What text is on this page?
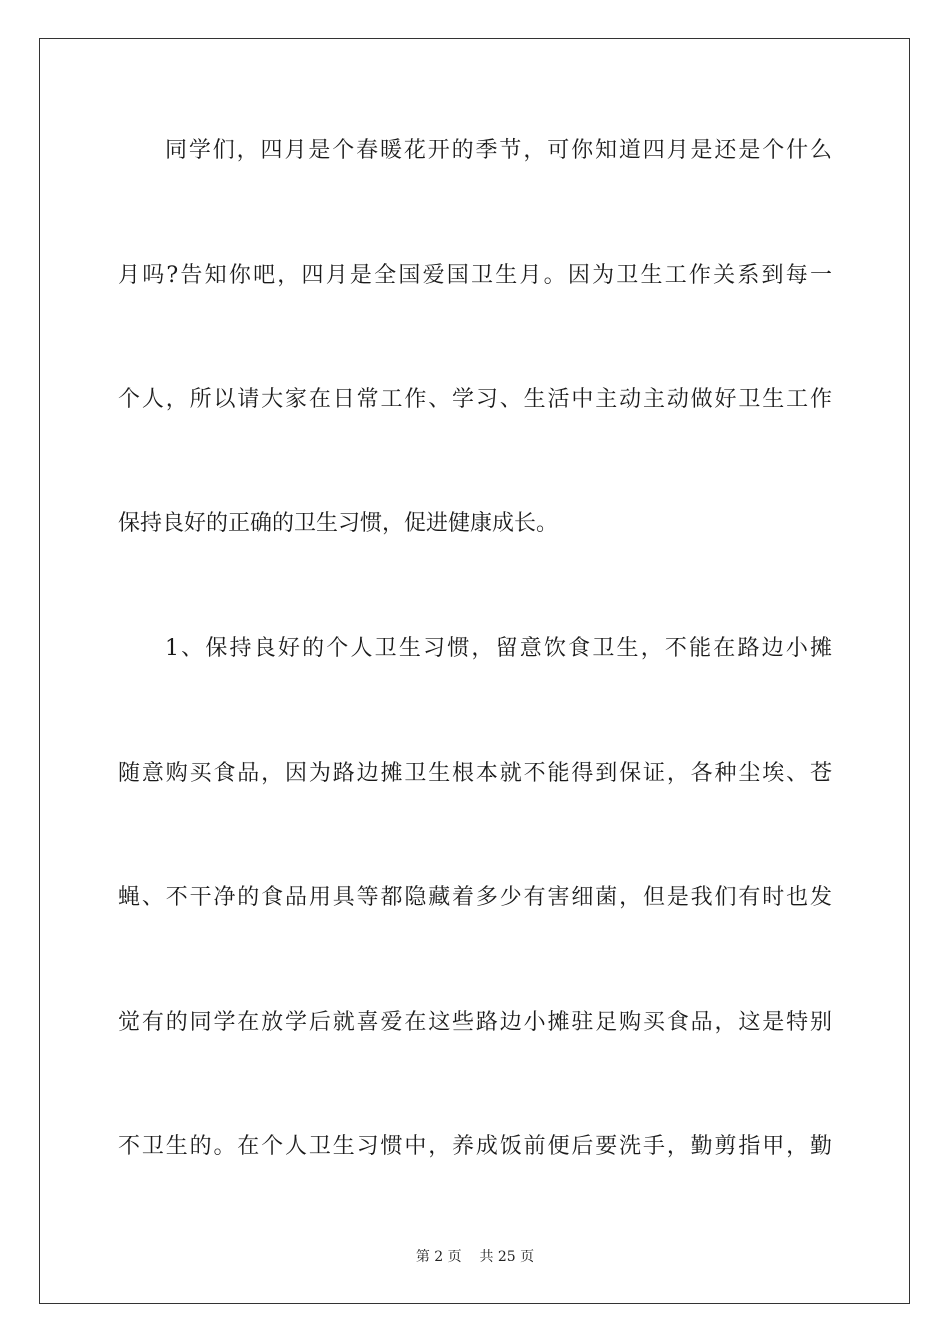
同学们，四月是个春暖花开的季节，可你知道四月是还是个什么
月吗?告知你吧，四月是全国爱国卫生月。因为卫生工作关系到每一
个人，所以请大家在日常工作、学习、生活中主动主动做好卫生工作
保持良好的正确的卫生习惯，促进健康成长。
1、保持良好的个人卫生习惯，留意饮食卫生，不能在路边小摊
随意购买食品，因为路边摊卫生根本就不能得到保证，各种尘埃、苍
蝇、不干净的食品用具等都隐藏着多少有害细菌，但是我们有时也发
觉有的同学在放学后就喜爱在这些路边小摊驻足购买食品，这是特别
不卫生的。在个人卫生习惯中，养成饭前便后要洗手，勤剪指甲，勤
第 2 页 共 25 页
